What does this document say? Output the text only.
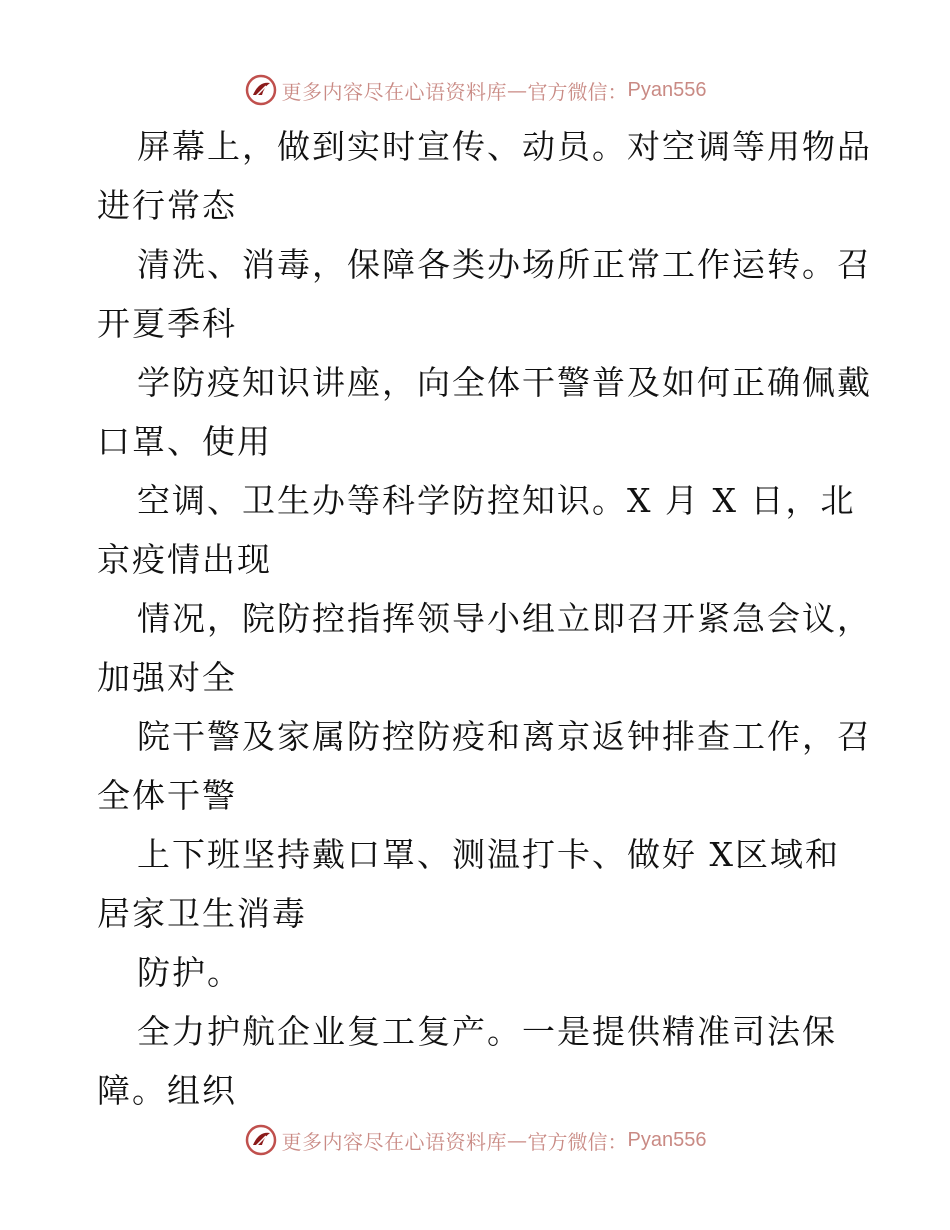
更多内容尽在心语资料库 — 官方微信： Pyan556
屏幕上，做到实时宣传、动员。对空调等用物品
进行常态
清洗、消毒，保障各类办场所正常工作运转。召
开夏季科
学防疫知识讲座，向全体干警普及如何正确佩戴
口罩、使用
空调、卫生办等科学防控知识。X 月 X 日，北
京疫情出现
情况，院防控指挥领导小组立即召开紧急会议，
加强对全
院干警及家属防控防疫和离京返钟排查工作，召
全体干警
上下班坚持戴口罩、测温打卡、做好 X区域和
居家卫生消毒
防护。
全力护航企业复工复产。一是提供精准司法保
障。组织
更多内容尽在心语资料库 — 官方微信： Pyan556
